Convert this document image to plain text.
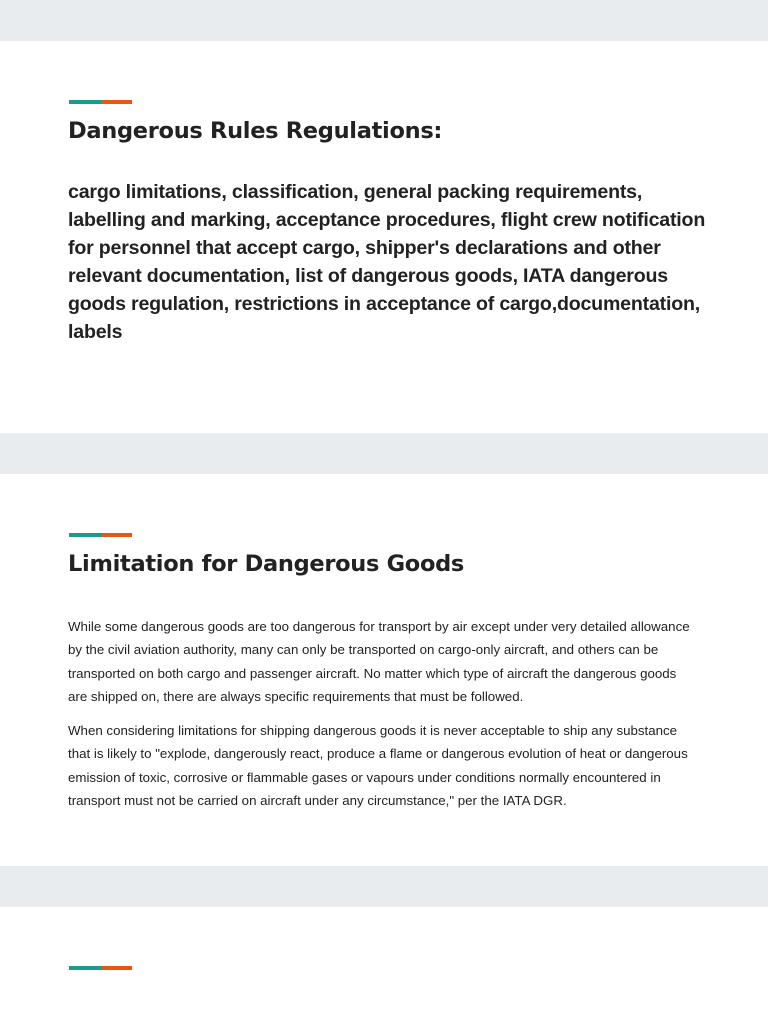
Dangerous Rules Regulations:

cargo limitations, classification, general packing requirements, labelling and marking, acceptance procedures, flight crew notification for personnel that accept cargo, shipper's declarations and other relevant documentation, list of dangerous goods, IATA dangerous goods regulation, restrictions in acceptance of cargo,documentation, labels

Limitation for Dangerous Goods

While some dangerous goods are too dangerous for transport by air except under very detailed allowance by the civil aviation authority, many can only be transported on cargo-only aircraft, and others can be transported on both cargo and passenger aircraft. No matter which type of aircraft the dangerous goods are shipped on, there are always specific requirements that must be followed.

When considering limitations for shipping dangerous goods it is never acceptable to ship any substance that is likely to "explode, dangerously react, produce a flame or dangerous evolution of heat or dangerous emission of toxic, corrosive or flammable gases or vapours under conditions normally encountered in transport must not be carried on aircraft under any circumstance," per the IATA DGR.
